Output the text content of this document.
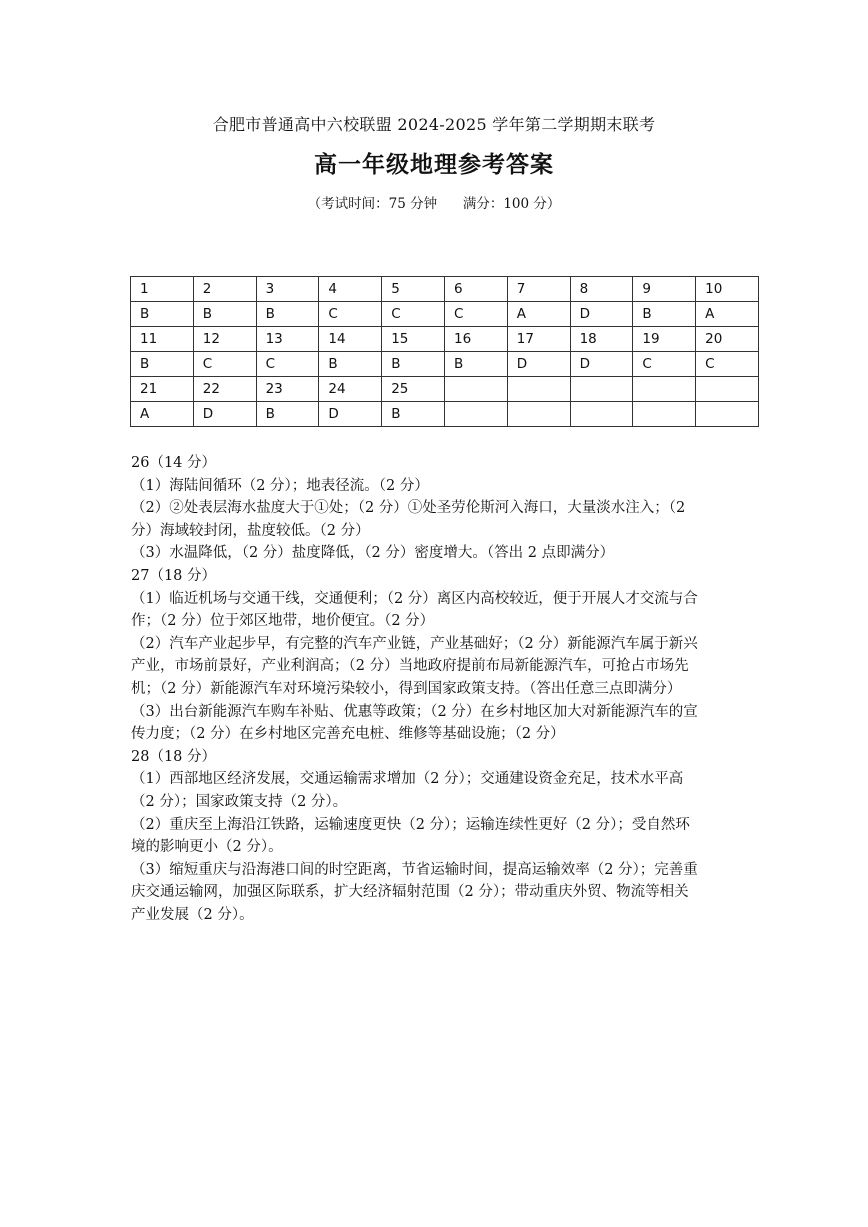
合肥市普通高中六校联盟 2024-2025 学年第二学期期末联考
高一年级地理参考答案
（考试时间：75 分钟      满分：100 分）
1	2	3	4	5	6	7	8	9	10
B	B	B	C	C	C	A	D	B	A
11	12	13	14	15	16	17	18	19	20
B	C	C	B	B	B	D	D	C	C
21	22	23	24	25					
A	D	B	D	B					

26（14 分）

（1）海陆间循环（2 分）；地表径流。（2 分）

（2）②处表层海水盐度大于①处；（2 分）①处圣劳伦斯河入海口，大量淡水注入；（2

分）海域较封闭，盐度较低。（2 分）

（3）水温降低，（2 分）盐度降低，（2 分）密度增大。（答出 2 点即满分）

27（18 分）

（1）临近机场与交通干线，交通便利；（2 分）离区内高校较近，便于开展人才交流与合

作；（2 分）位于郊区地带，地价便宜。（2 分）

（2）汽车产业起步早，有完整的汽车产业链，产业基础好；（2 分）新能源汽车属于新兴

产业，市场前景好，产业利润高；（2 分）当地政府提前布局新能源汽车，可抢占市场先

机；（2 分）新能源汽车对环境污染较小，得到国家政策支持。（答出任意三点即满分）

（3）出台新能源汽车购车补贴、优惠等政策；（2 分）在乡村地区加大对新能源汽车的宣

传力度；（2 分）在乡村地区完善充电桩、维修等基础设施；（2 分）

28（18 分）

（1）西部地区经济发展，交通运输需求增加（2 分）；交通建设资金充足，技术水平高

（2 分）；国家政策支持（2 分）。

（2）重庆至上海沿江铁路，运输速度更快（2 分）；运输连续性更好（2 分）；受自然环

境的影响更小（2 分）。

（3）缩短重庆与沿海港口间的时空距离，节省运输时间，提高运输效率（2 分）；完善重

庆交通运输网，加强区际联系，扩大经济辐射范围（2 分）；带动重庆外贸、物流等相关

产业发展（2 分）。
